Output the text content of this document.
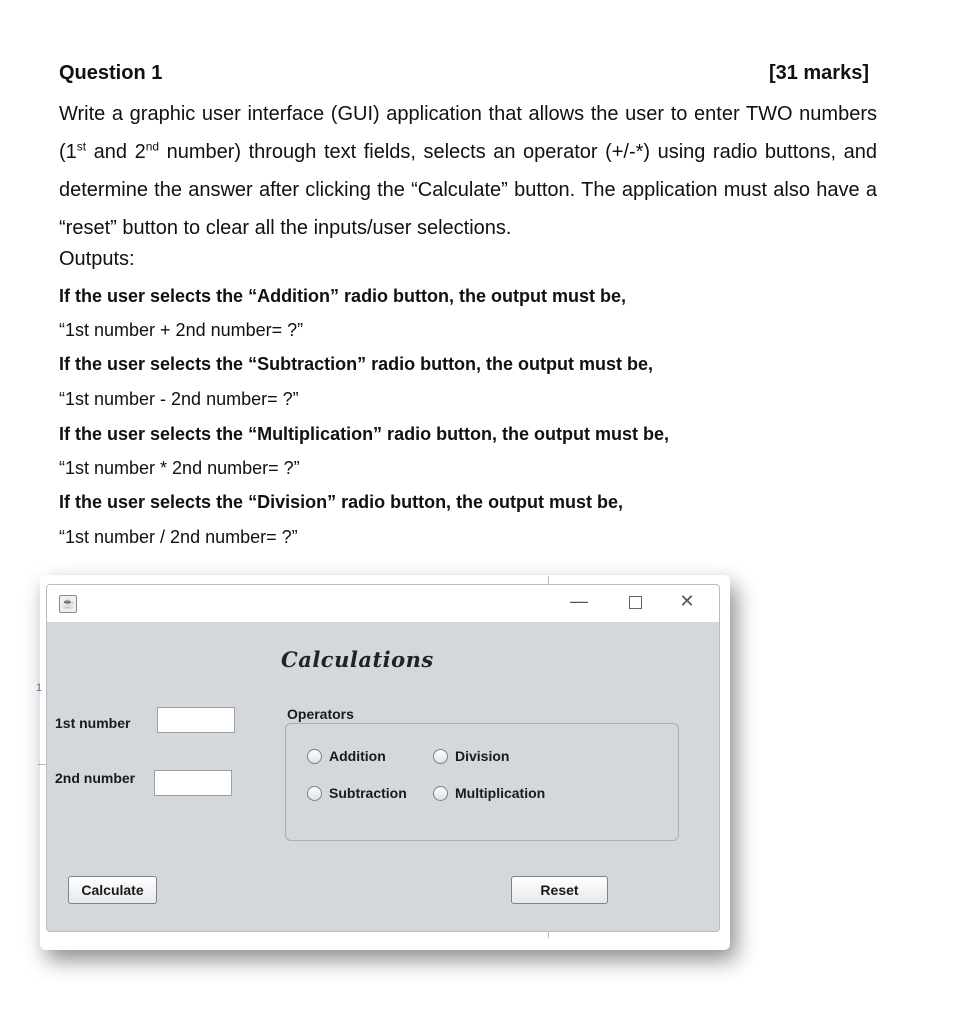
Question 1	[31 marks]
Write a graphic user interface (GUI) application that allows the user to enter TWO numbers (1st and 2nd number) through text fields, selects an operator (+/-*) using radio buttons, and determine the answer after clicking the “Calculate” button. The application must also have a “reset” button to clear all the inputs/user selections.
Outputs:
If the user selects the “Addition” radio button, the output must be,
“1st number + 2nd number= ?”
If the user selects the “Subtraction” radio button, the output must be,
“1st number - 2nd number= ?”
If the user selects the “Multiplication” radio button, the output must be,
“1st number * 2nd number= ?”
If the user selects the “Division” radio button, the output must be,
“1st number / 2nd number= ?”
1
☕	—	✕
Calculations
1st number
2nd number
Operators
Addition	Division
Subtraction	Multiplication
Calculate	Reset
